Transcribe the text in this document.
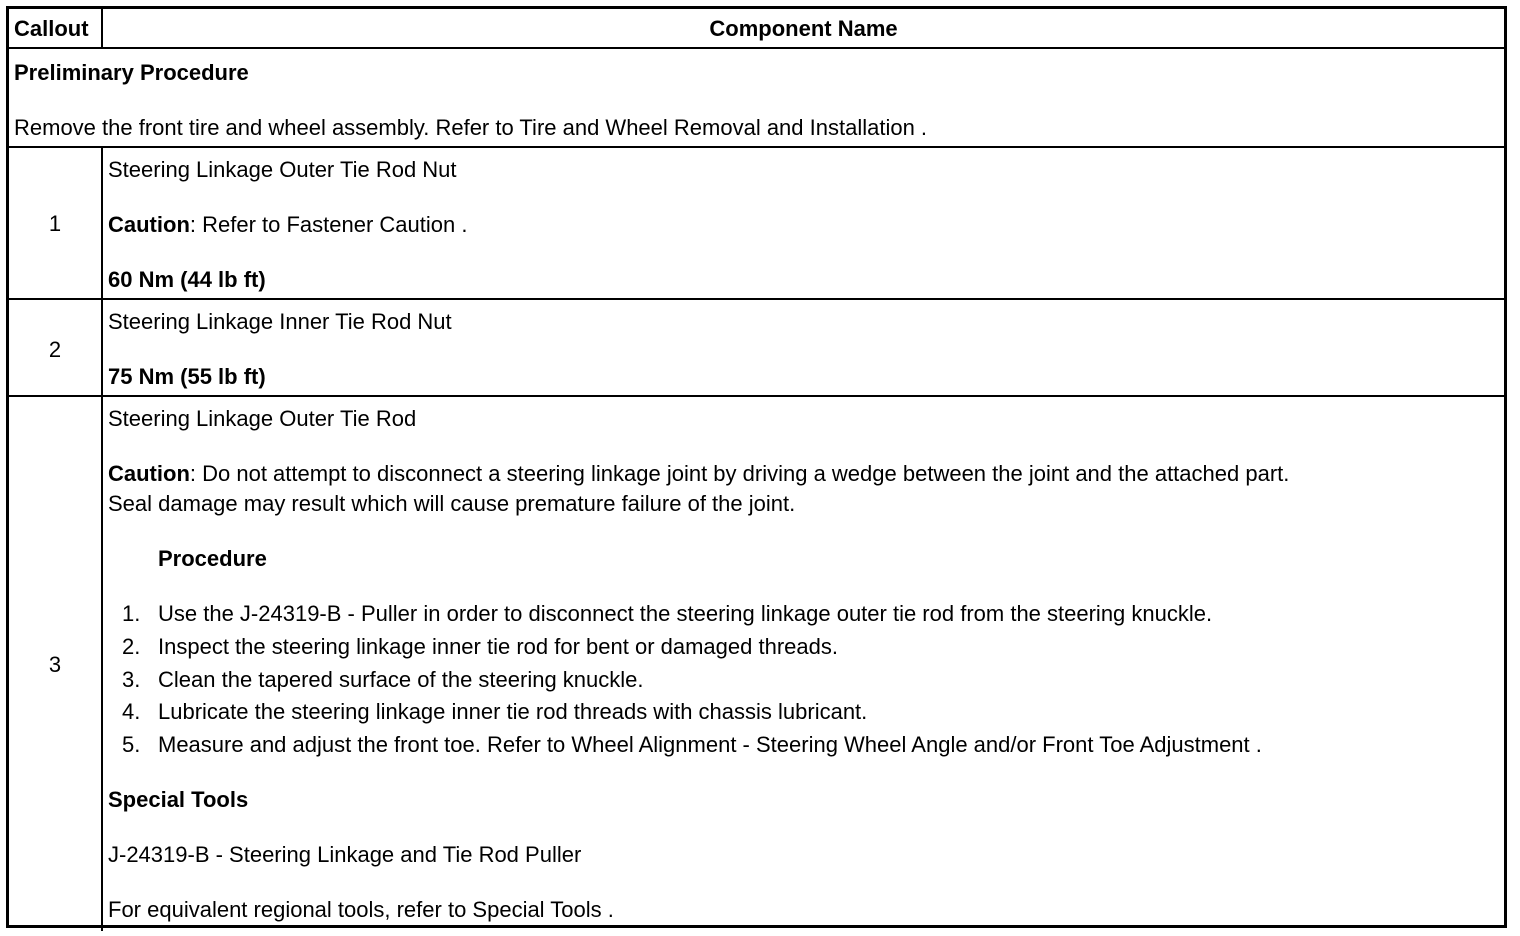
Callout	Component Name
Preliminary Procedure
Remove the front tire and wheel assembly. Refer to Tire and Wheel Removal and Installation .
1
Steering Linkage Outer Tie Rod Nut
Caution: Refer to Fastener Caution .
60 Nm (44 lb ft)
2
Steering Linkage Inner Tie Rod Nut
75 Nm (55 lb ft)
3
Steering Linkage Outer Tie Rod
Caution: Do not attempt to disconnect a steering linkage joint by driving a wedge between the joint and the attached part.
Seal damage may result which will cause premature failure of the joint.
Procedure
1. Use the J-24319-B - Puller in order to disconnect the steering linkage outer tie rod from the steering knuckle.
2. Inspect the steering linkage inner tie rod for bent or damaged threads.
3. Clean the tapered surface of the steering knuckle.
4. Lubricate the steering linkage inner tie rod threads with chassis lubricant.
5. Measure and adjust the front toe. Refer to Wheel Alignment - Steering Wheel Angle and/or Front Toe Adjustment .
Special Tools
J-24319-B - Steering Linkage and Tie Rod Puller
For equivalent regional tools, refer to Special Tools .
